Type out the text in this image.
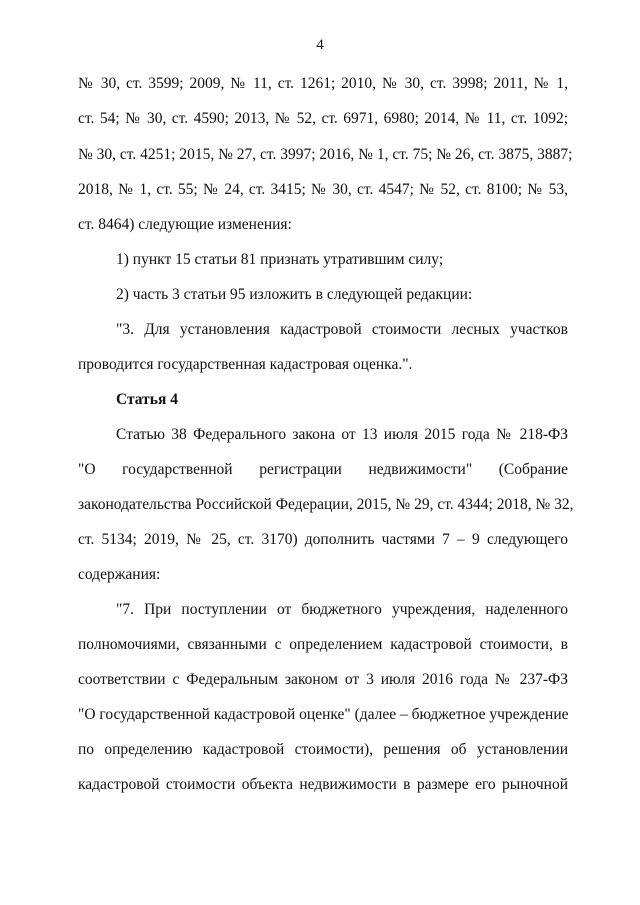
4
№ 30, ст. 3599; 2009, № 11, ст. 1261; 2010, № 30, ст. 3998; 2011, № 1,
ст. 54; № 30, ст. 4590; 2013, № 52, ст. 6971, 6980; 2014, № 11, ст. 1092;
№ 30, ст. 4251; 2015, № 27, ст. 3997; 2016, № 1, ст. 75; № 26, ст. 3875, 3887;
2018, № 1, ст. 55; № 24, ст. 3415; № 30, ст. 4547; № 52, ст. 8100; № 53,
ст. 8464) следующие изменения:
1) пункт 15 статьи 81 признать утратившим силу;
2) часть 3 статьи 95 изложить в следующей редакции:
"3. Для установления кадастровой стоимости лесных участков
проводится государственная кадастровая оценка.".
Статья 4
Статью 38 Федерального закона от 13 июля 2015 года № 218-ФЗ
"О государственной регистрации недвижимости" (Собрание
законодательства Российской Федерации, 2015, № 29, ст. 4344; 2018, № 32,
ст. 5134; 2019, № 25, ст. 3170) дополнить частями 7 – 9 следующего
содержания:
"7. При поступлении от бюджетного учреждения, наделенного
полномочиями, связанными с определением кадастровой стоимости, в
соответствии с Федеральным законом от 3 июля 2016 года № 237-ФЗ
"О государственной кадастровой оценке" (далее – бюджетное учреждение
по определению кадастровой стоимости), решения об установлении
кадастровой стоимости объекта недвижимости в размере его рыночной
